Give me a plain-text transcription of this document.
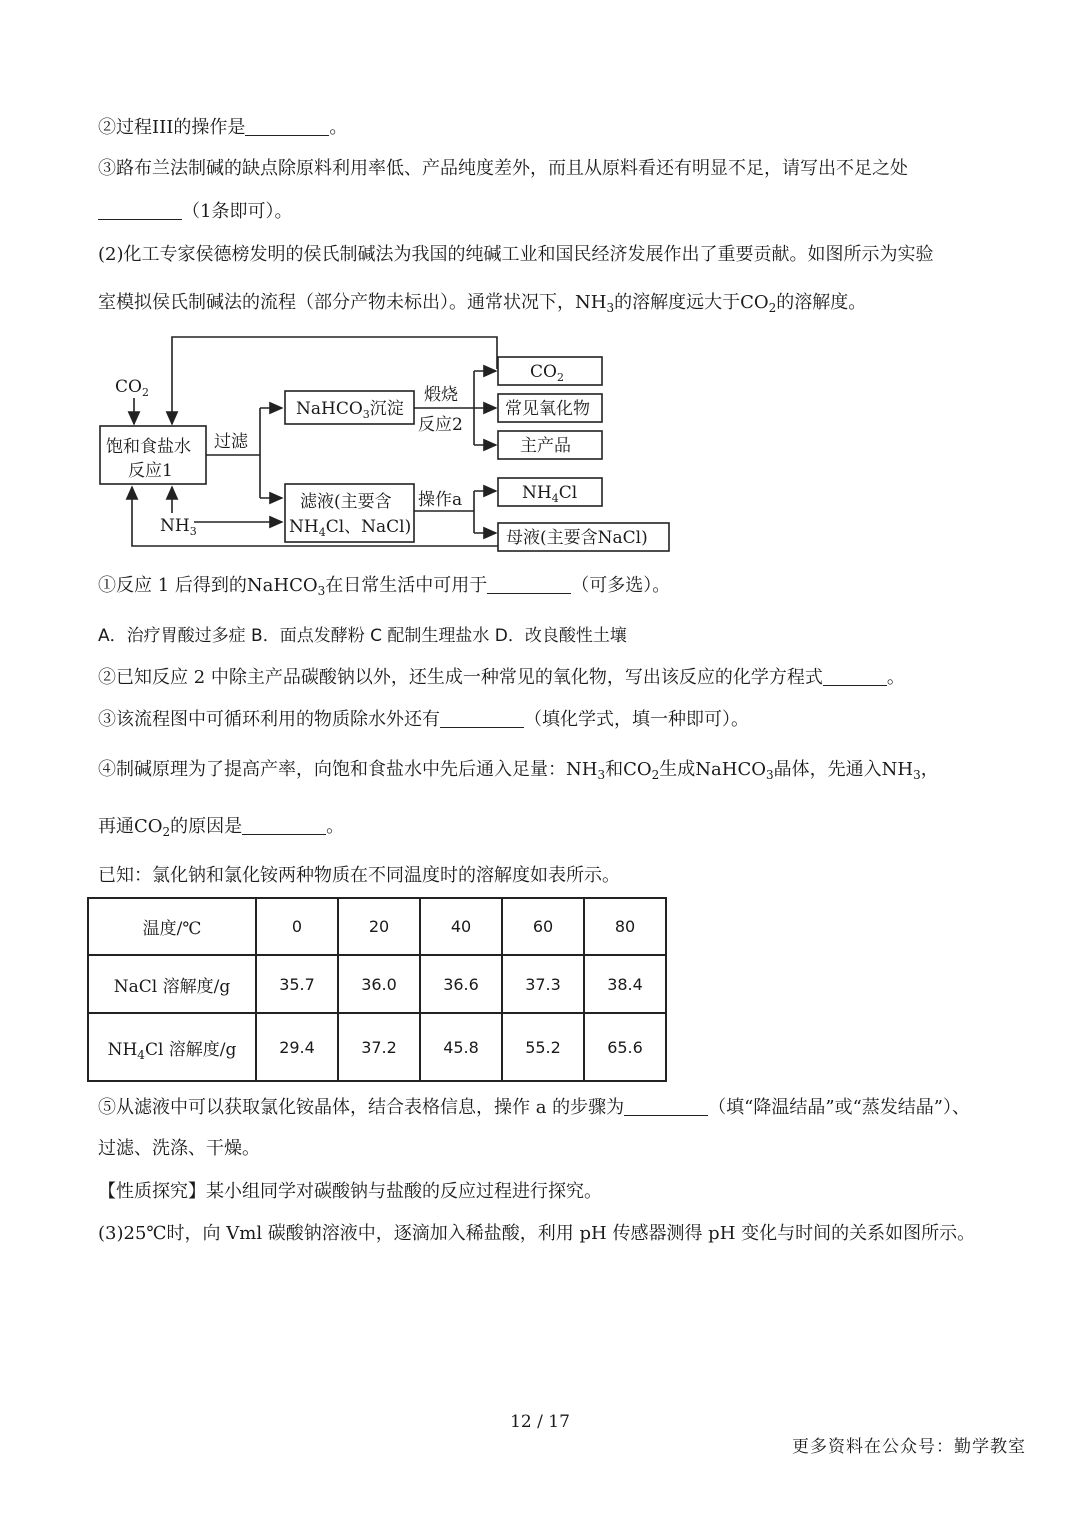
②过程III的操作是	。
③路布兰法制碱的缺点除原料利用率低、产品纯度差外，而且从原料看还有明显不足，请写出不足之处
（1条即可）。
(2)化工专家侯德榜发明的侯氏制碱法为我国的纯碱工业和国民经济发展作出了重要贡献。如图所示为实验
室模拟侯氏制碱法的流程（部分产物未标出）。通常状况下，$NH_3$的溶解度远大于$CO_2$的溶解度。
$CO_2$
饱和食盐水
反应1
过滤
$NH_3$
NaHCO$_3$沉淀
煅烧
反应2
$CO_2$
常见氧化物
主产品
滤液(主要含
$NH_4Cl$、NaCl)
操作a	$NH_4Cl$
母液(主要含NaCl)
①反应 1 后得到的NaHCO$_3$在日常生活中可用于	（可多选）。
A．治疗胃酸过多症 B．面点发酵粉 C 配制生理盐水 D．改良酸性土壤
②已知反应 2 中除主产品碳酸钠以外，还生成一种常见的氧化物，写出该反应的化学方程式	。
③该流程图中可循环利用的物质除水外还有	（填化学式，填一种即可）。
④制碱原理为了提高产率，向饱和食盐水中先后通入足量：$NH_3$和$CO_2$生成NaHCO$_3$晶体，先通入$NH_3$，
再通$CO_2$的原因是	。
已知：氯化钠和氯化铵两种物质在不同温度时的溶解度如表所示。
温度/℃	0	20	40	60	80
NaCl 溶解度/g	35.7	36.0	36.6	37.3	38.4
$NH_4Cl$ 溶解度/g	29.4	37.2	45.8	55.2	65.6
⑤从滤液中可以获取氯化铵晶体，结合表格信息，操作 a 的步骤为	（填“降温结晶”或“蒸发结晶”）、
过滤、洗涤、干燥。
【性质探究】某小组同学对碳酸钠与盐酸的反应过程进行探究。
(3)25℃时，向 Vml 碳酸钠溶液中，逐滴加入稀盐酸，利用 pH 传感器测得 pH 变化与时间的关系如图所示。
12 / 17
更多资料在公众号：勤学教室
